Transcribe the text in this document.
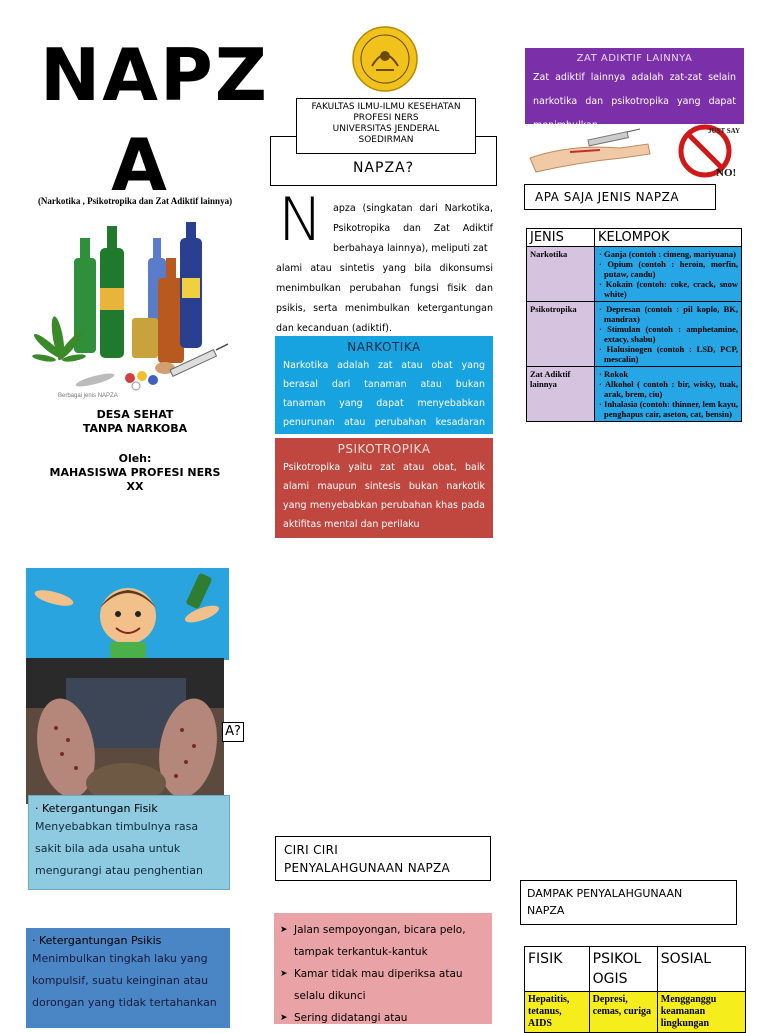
NAPZ
A
(Narkotika , Psikotropika dan Zat Adiktif lainnya)
Berbagai jenis NAPZA
DESA SEHAT
TANPA NARKOBA
Oleh:
MAHASISWA PROFESI NERS XX
A?
· Ketergantungan Fisik
Menyebabkan timbulnya rasa sakit bila ada usaha untuk mengurangi atau penghentian
· Ketergantungan Psikis
Menimbulkan tingkah laku yang kompulsif, suatu keinginan atau dorongan yang tidak tertahankan
FAKULTAS ILMU-ILMU KESEHATAN
PROFESI NERS
UNIVERSITAS JENDERAL
SOEDIRMAN
NAPZA?
N apza (singkatan dari Narkotika, Psikotropika dan Zat Adiktif berbahaya lainnya), meliputi zat
alami atau sintetis yang bila dikonsumsi menimbulkan perubahan fungsi fisik dan psikis, serta menimbulkan ketergantungan dan kecanduan (adiktif).
NARKOTIKA
Narkotika adalah zat atau obat yang berasal dari tanaman atau bukan tanaman yang dapat menyebabkan penurunan atau perubahan kesadaran
PSIKOTROPIKA
Psikotropika yaitu zat atau obat, baik alami maupun sintesis bukan narkotik yang menyebabkan perubahan khas pada aktifitas mental dan perilaku
CIRI CIRI
PENYALAHGUNAAN NAPZA
➤ Jalan sempoyongan, bicara pelo, tampak terkantuk-kantuk
➤ Kamar tidak mau diperiksa atau selalu dikunci
➤ Sering didatangi atau
ZAT ADIKTIF LAINNYA
Zat adiktif lainnya adalah zat-zat selain narkotika dan psikotropika yang dapat menimbulkan	JUST SAY
NO!
APA SAJA JENIS NAPZA
JENIS	KELOMPOK
Narkotika	· Ganja (contoh : cimeng, mariyuana)
· Opium (contoh : heroin, morfin, putaw, candu)
· Kokain (contoh: coke, crack, snow white)

Psikotropika	· Depresan (contoh : pil koplo, BK, mandrax)
· Stimulan (contoh : amphetamine, extacy, shabu)
· Halusinogen (contoh : LSD, PCP, mescalin)

Zat Adiktif lainnya	· Rokok
· Alkohol ( contoh : bir, wisky, tuak, arak, brem, ciu)
· Inhalasia (contoh: thinner, lem kayu, penghapus cair, aseton, cat, bensin)
DAMPAK PENYALAHGUNAAN
NAPZA
FISIK	PSIKOL OGIS	SOSIAL
Hepatitis, tetanus, AIDS	Depresi, cemas, curiga	Mengganggu keamanan lingkungan
